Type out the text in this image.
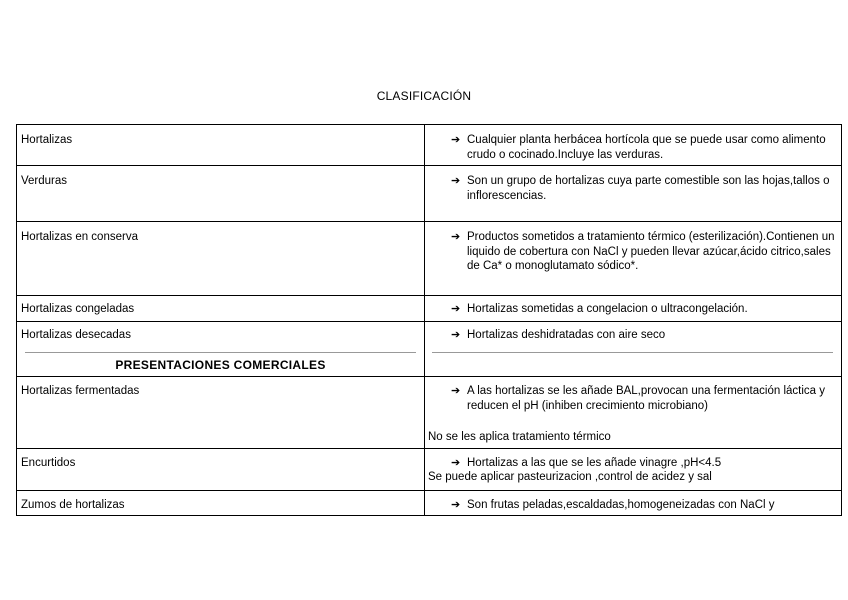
CLASIFICACIÓN
Hortalizas	➔ Cualquier planta herbácea hortícola que se puede usar como alimento crudo o cocinado.Incluye las verduras.
Verduras	➔ Son un grupo de hortalizas cuya parte comestible son las hojas,tallos o inflorescencias.
Hortalizas en conserva	➔ Productos sometidos a tratamiento térmico (esterilización).Contienen un liquido de cobertura con NaCl y pueden llevar azúcar,ácido citrico,sales de Ca* o monoglutamato sódico*.
Hortalizas congeladas	➔ Hortalizas sometidas a congelacion o ultracongelación.
Hortalizas desecadas	➔ Hortalizas deshidratadas con aire seco
PRESENTACIONES COMERCIALES
Hortalizas fermentadas	➔ A las hortalizas se les añade BAL,provocan una fermentación láctica y reducen el pH (inhiben crecimiento microbiano)
No se les aplica tratamiento térmico
Encurtidos	➔ Hortalizas a las que se les añade vinagre ,pH<4.5
Se puede aplicar pasteurizacion ,control de acidez y sal
Zumos de hortalizas	➔ Son frutas peladas,escaldadas,homogeneizadas con NaCl y
